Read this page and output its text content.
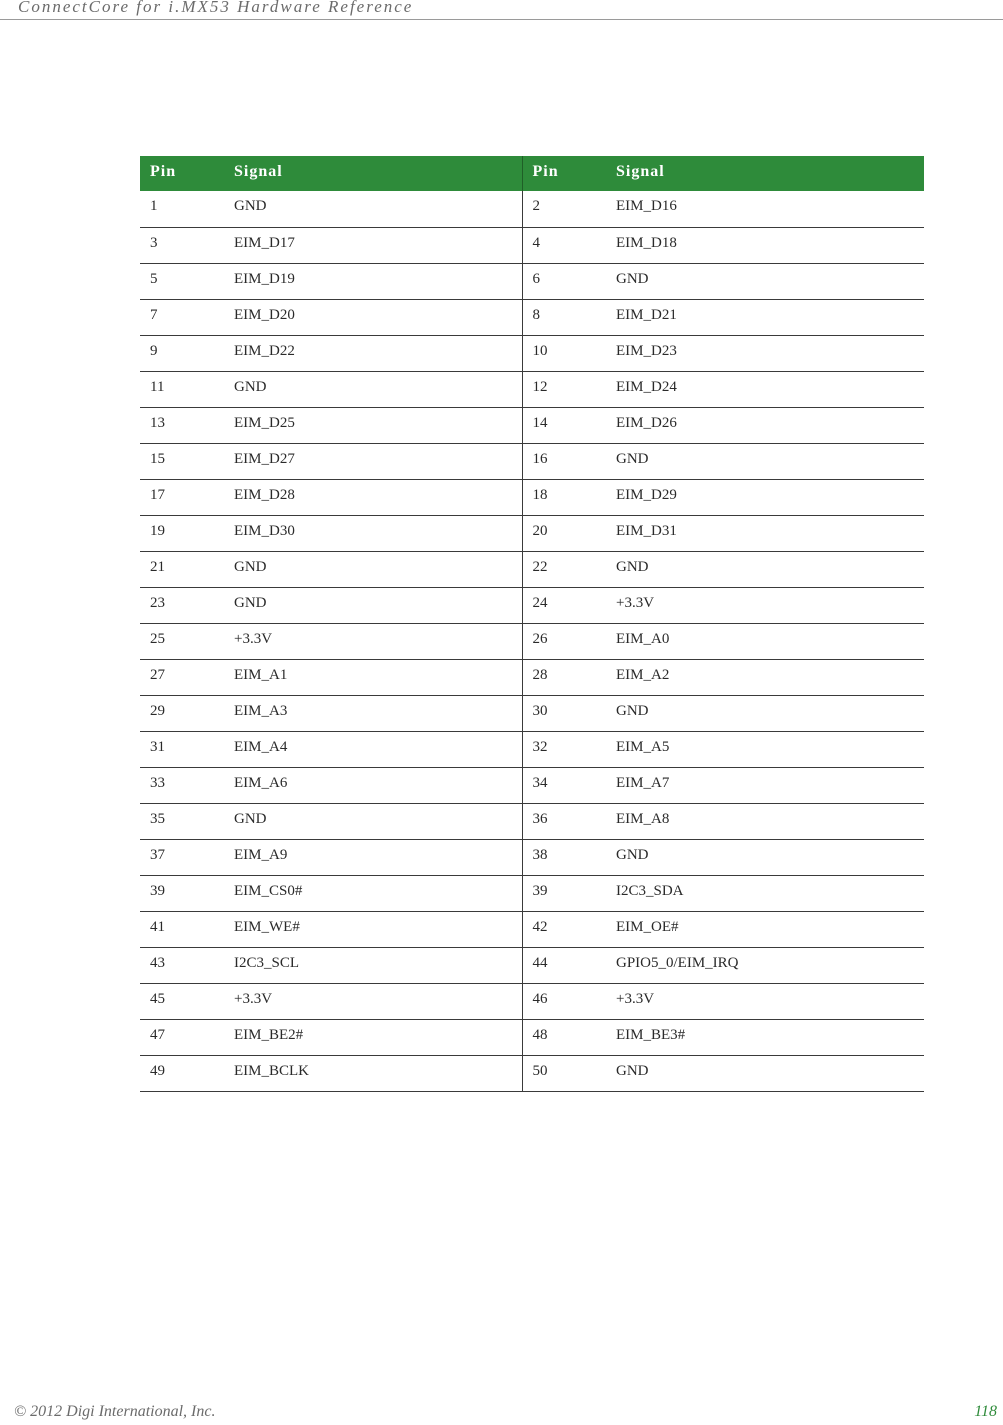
ConnectCore for i.MX53 Hardware Reference
Pin	Signal	Pin	Signal
1	GND	2	EIM_D16
3	EIM_D17	4	EIM_D18
5	EIM_D19	6	GND
7	EIM_D20	8	EIM_D21
9	EIM_D22	10	EIM_D23
11	GND	12	EIM_D24
13	EIM_D25	14	EIM_D26
15	EIM_D27	16	GND
17	EIM_D28	18	EIM_D29
19	EIM_D30	20	EIM_D31
21	GND	22	GND
23	GND	24	+3.3V
25	+3.3V	26	EIM_A0
27	EIM_A1	28	EIM_A2
29	EIM_A3	30	GND
31	EIM_A4	32	EIM_A5
33	EIM_A6	34	EIM_A7
35	GND	36	EIM_A8
37	EIM_A9	38	GND
39	EIM_CS0#	39	I2C3_SDA
41	EIM_WE#	42	EIM_OE#
43	I2C3_SCL	44	GPIO5_0/EIM_IRQ
45	+3.3V	46	+3.3V
47	EIM_BE2#	48	EIM_BE3#
49	EIM_BCLK	50	GND
© 2012 Digi International, Inc.	118
